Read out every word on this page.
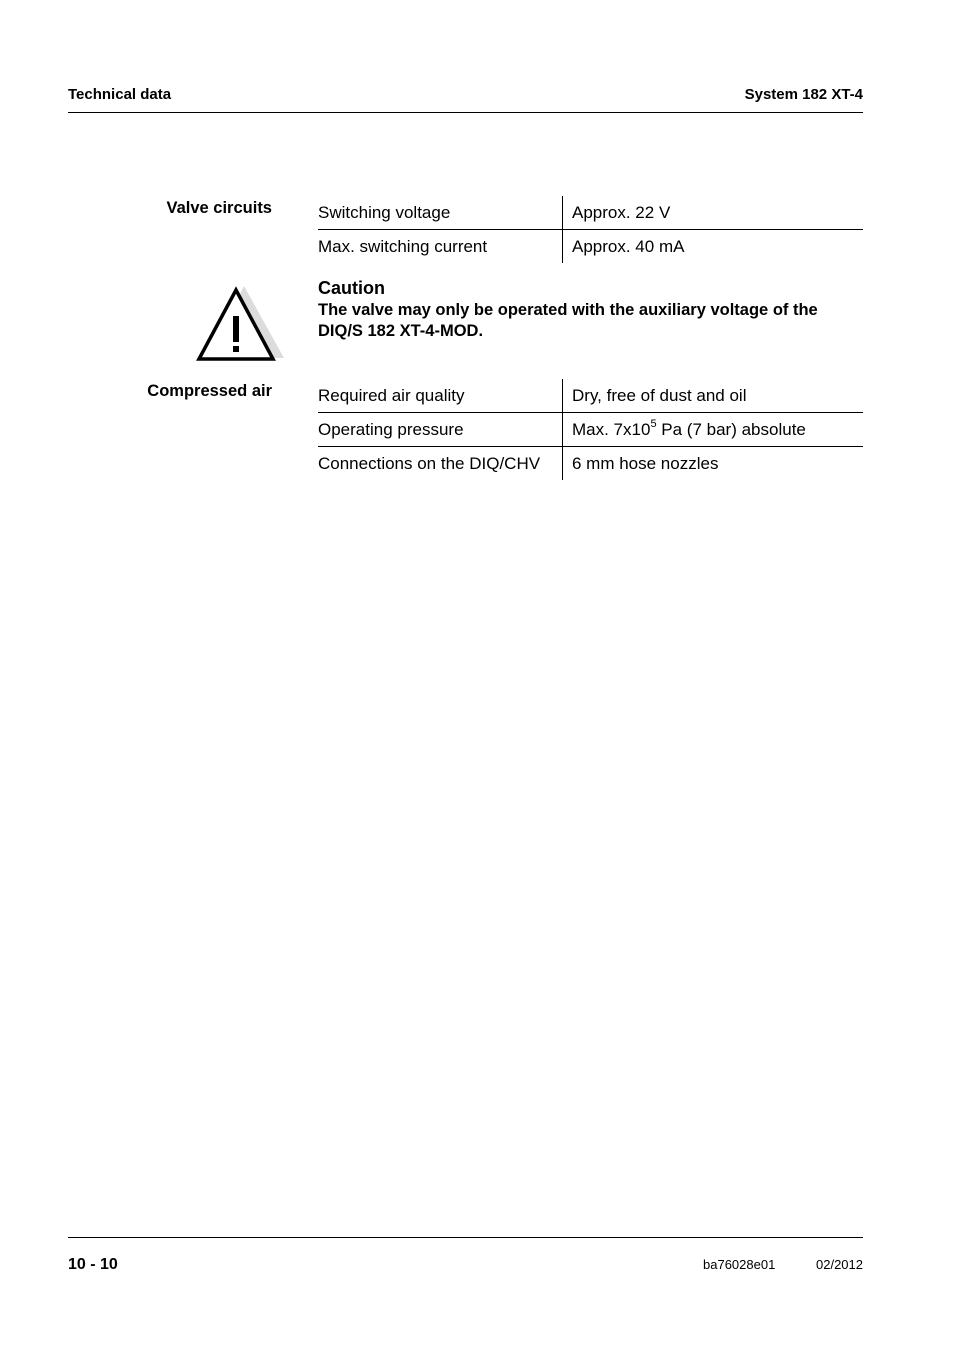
Technical data	System 182 XT-4
Valve circuits	Switching voltage	Approx. 22 V
Max. switching current	Approx. 40 mA
Caution
The valve may only be operated with the auxiliary voltage of the DIQ/S 182 XT-4-MOD.
Compressed air	Required air quality	Dry, free of dust and oil
Operating pressure	Max. $7x10^5$ Pa (7 bar) absolute
Connections on the DIQ/CHV	6 mm hose nozzles
10 - 10	ba76028e01	02/2012
